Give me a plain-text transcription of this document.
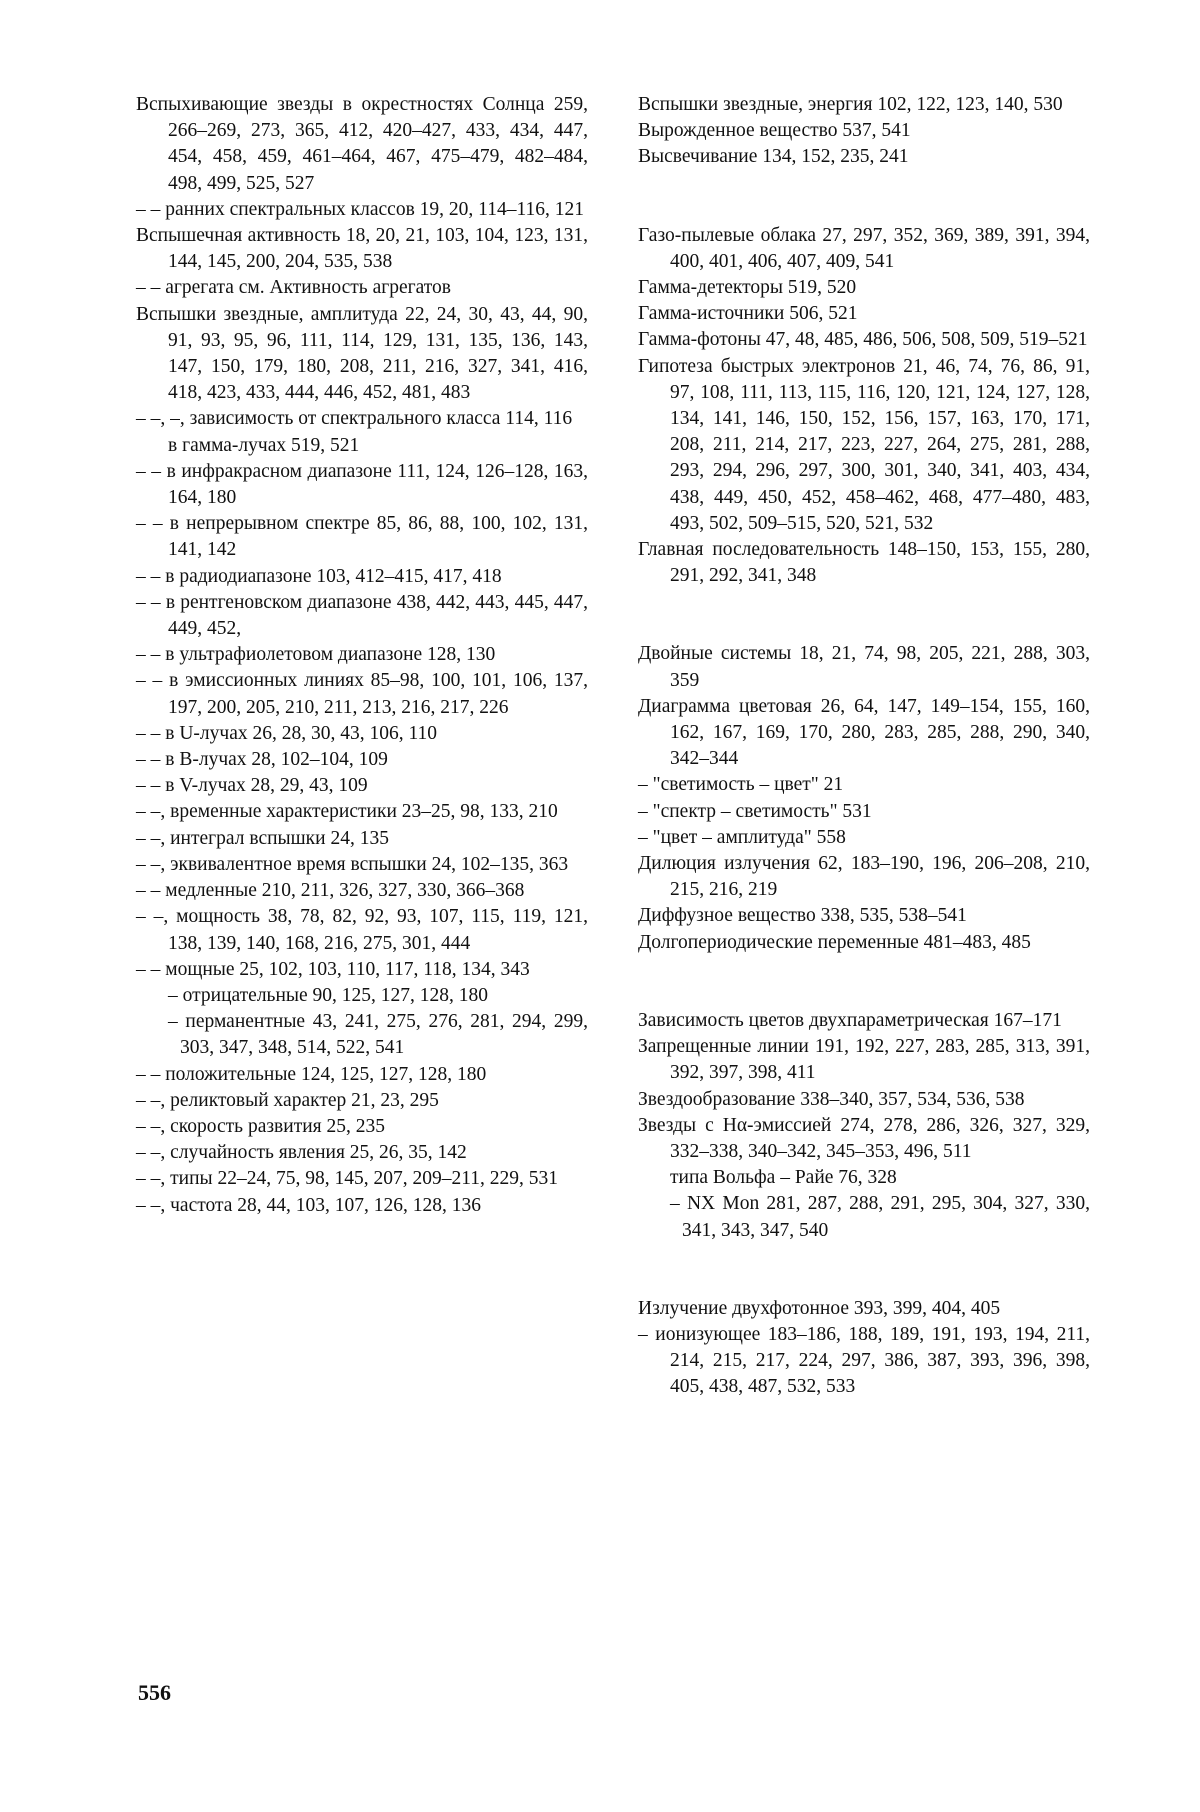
Вспыхивающие звезды в окрестностях Солнца 259, 266–269, 273, 365, 412, 420–427, 433, 434, 447, 454, 458, 459, 461–464, 467, 475–479, 482–484, 498, 499, 525, 527

– – ранних спектральных классов 19, 20, 114–116, 121

Вспышечная активность 18, 20, 21, 103, 104, 123, 131, 144, 145, 200, 204, 535, 538

– – агрегата см. Активность агрегатов

Вспышки звездные, амплитуда 22, 24, 30, 43, 44, 90, 91, 93, 95, 96, 111, 114, 129, 131, 135, 136, 143, 147, 150, 179, 180, 208, 211, 216, 327, 341, 416, 418, 423, 433, 444, 446, 452, 481, 483

– –, –, зависимость от спектрального класса 114, 116

в гамма-лучах 519, 521

– – в инфракрасном диапазоне 111, 124, 126–128, 163, 164, 180

– – в непрерывном спектре 85, 86, 88, 100, 102, 131, 141, 142

– – в радиодиапазоне 103, 412–415, 417, 418

– – в рентгеновском диапазоне 438, 442, 443, 445, 447, 449, 452,

– – в ультрафиолетовом диапазоне 128, 130

– – в эмиссионных линиях 85–98, 100, 101, 106, 137, 197, 200, 205, 210, 211, 213, 216, 217, 226

– – в U-лучах 26, 28, 30, 43, 106, 110

– – в B-лучах 28, 102–104, 109

– – в V-лучах 28, 29, 43, 109

– –, временные характеристики 23–25, 98, 133, 210

– –, интеграл вспышки 24, 135

– –, эквивалентное время вспышки 24, 102–135, 363

– – медленные 210, 211, 326, 327, 330, 366–368

– –, мощность 38, 78, 82, 92, 93, 107, 115, 119, 121, 138, 139, 140, 168, 216, 275, 301, 444

– – мощные 25, 102, 103, 110, 117, 118, 134, 343

– отрицательные 90, 125, 127, 128, 180

– перманентные 43, 241, 275, 276, 281, 294, 299, 303, 347, 348, 514, 522, 541

– – положительные 124, 125, 127, 128, 180

– –, реликтовый характер 21, 23, 295

– –, скорость развития 25, 235

– –, случайность явления 25, 26, 35, 142

– –, типы 22–24, 75, 98, 145, 207, 209–211, 229, 531

– –, частота 28, 44, 103, 107, 126, 128, 136

Вспышки звездные, энергия 102, 122, 123, 140, 530

Вырожденное вещество 537, 541

Высвечивание 134, 152, 235, 241

Газо-пылевые облака 27, 297, 352, 369, 389, 391, 394, 400, 401, 406, 407, 409, 541

Гамма-детекторы 519, 520

Гамма-источники 506, 521

Гамма-фотоны 47, 48, 485, 486, 506, 508, 509, 519–521

Гипотеза быстрых электронов 21, 46, 74, 76, 86, 91, 97, 108, 111, 113, 115, 116, 120, 121, 124, 127, 128, 134, 141, 146, 150, 152, 156, 157, 163, 170, 171, 208, 211, 214, 217, 223, 227, 264, 275, 281, 288, 293, 294, 296, 297, 300, 301, 340, 341, 403, 434, 438, 449, 450, 452, 458–462, 468, 477–480, 483, 493, 502, 509–515, 520, 521, 532

Главная последовательность 148–150, 153, 155, 280, 291, 292, 341, 348

Двойные системы 18, 21, 74, 98, 205, 221, 288, 303, 359

Диаграмма цветовая 26, 64, 147, 149–154, 155, 160, 162, 167, 169, 170, 280, 283, 285, 288, 290, 340, 342–344

– "светимость – цвет" 21

– "спектр – светимость" 531

– "цвет – амплитуда" 558

Дилюция излучения 62, 183–190, 196, 206–208, 210, 215, 216, 219

Диффузное вещество 338, 535, 538–541

Долгопериодические переменные 481–483, 485

Зависимость цветов двухпараметрическая 167–171

Запрещенные линии 191, 192, 227, 283, 285, 313, 391, 392, 397, 398, 411

Звездообразование 338–340, 357, 534, 536, 538

Звезды с Hα-эмиссией 274, 278, 286, 326, 327, 329, 332–338, 340–342, 345–353, 496, 511

типа Вольфа – Райе 76, 328

– NX Mon 281, 287, 288, 291, 295, 304, 327, 330, 341, 343, 347, 540

Излучение двухфотонное 393, 399, 404, 405

– ионизующее 183–186, 188, 189, 191, 193, 194, 211, 214, 215, 217, 224, 297, 386, 387, 393, 396, 398, 405, 438, 487, 532, 533

556
